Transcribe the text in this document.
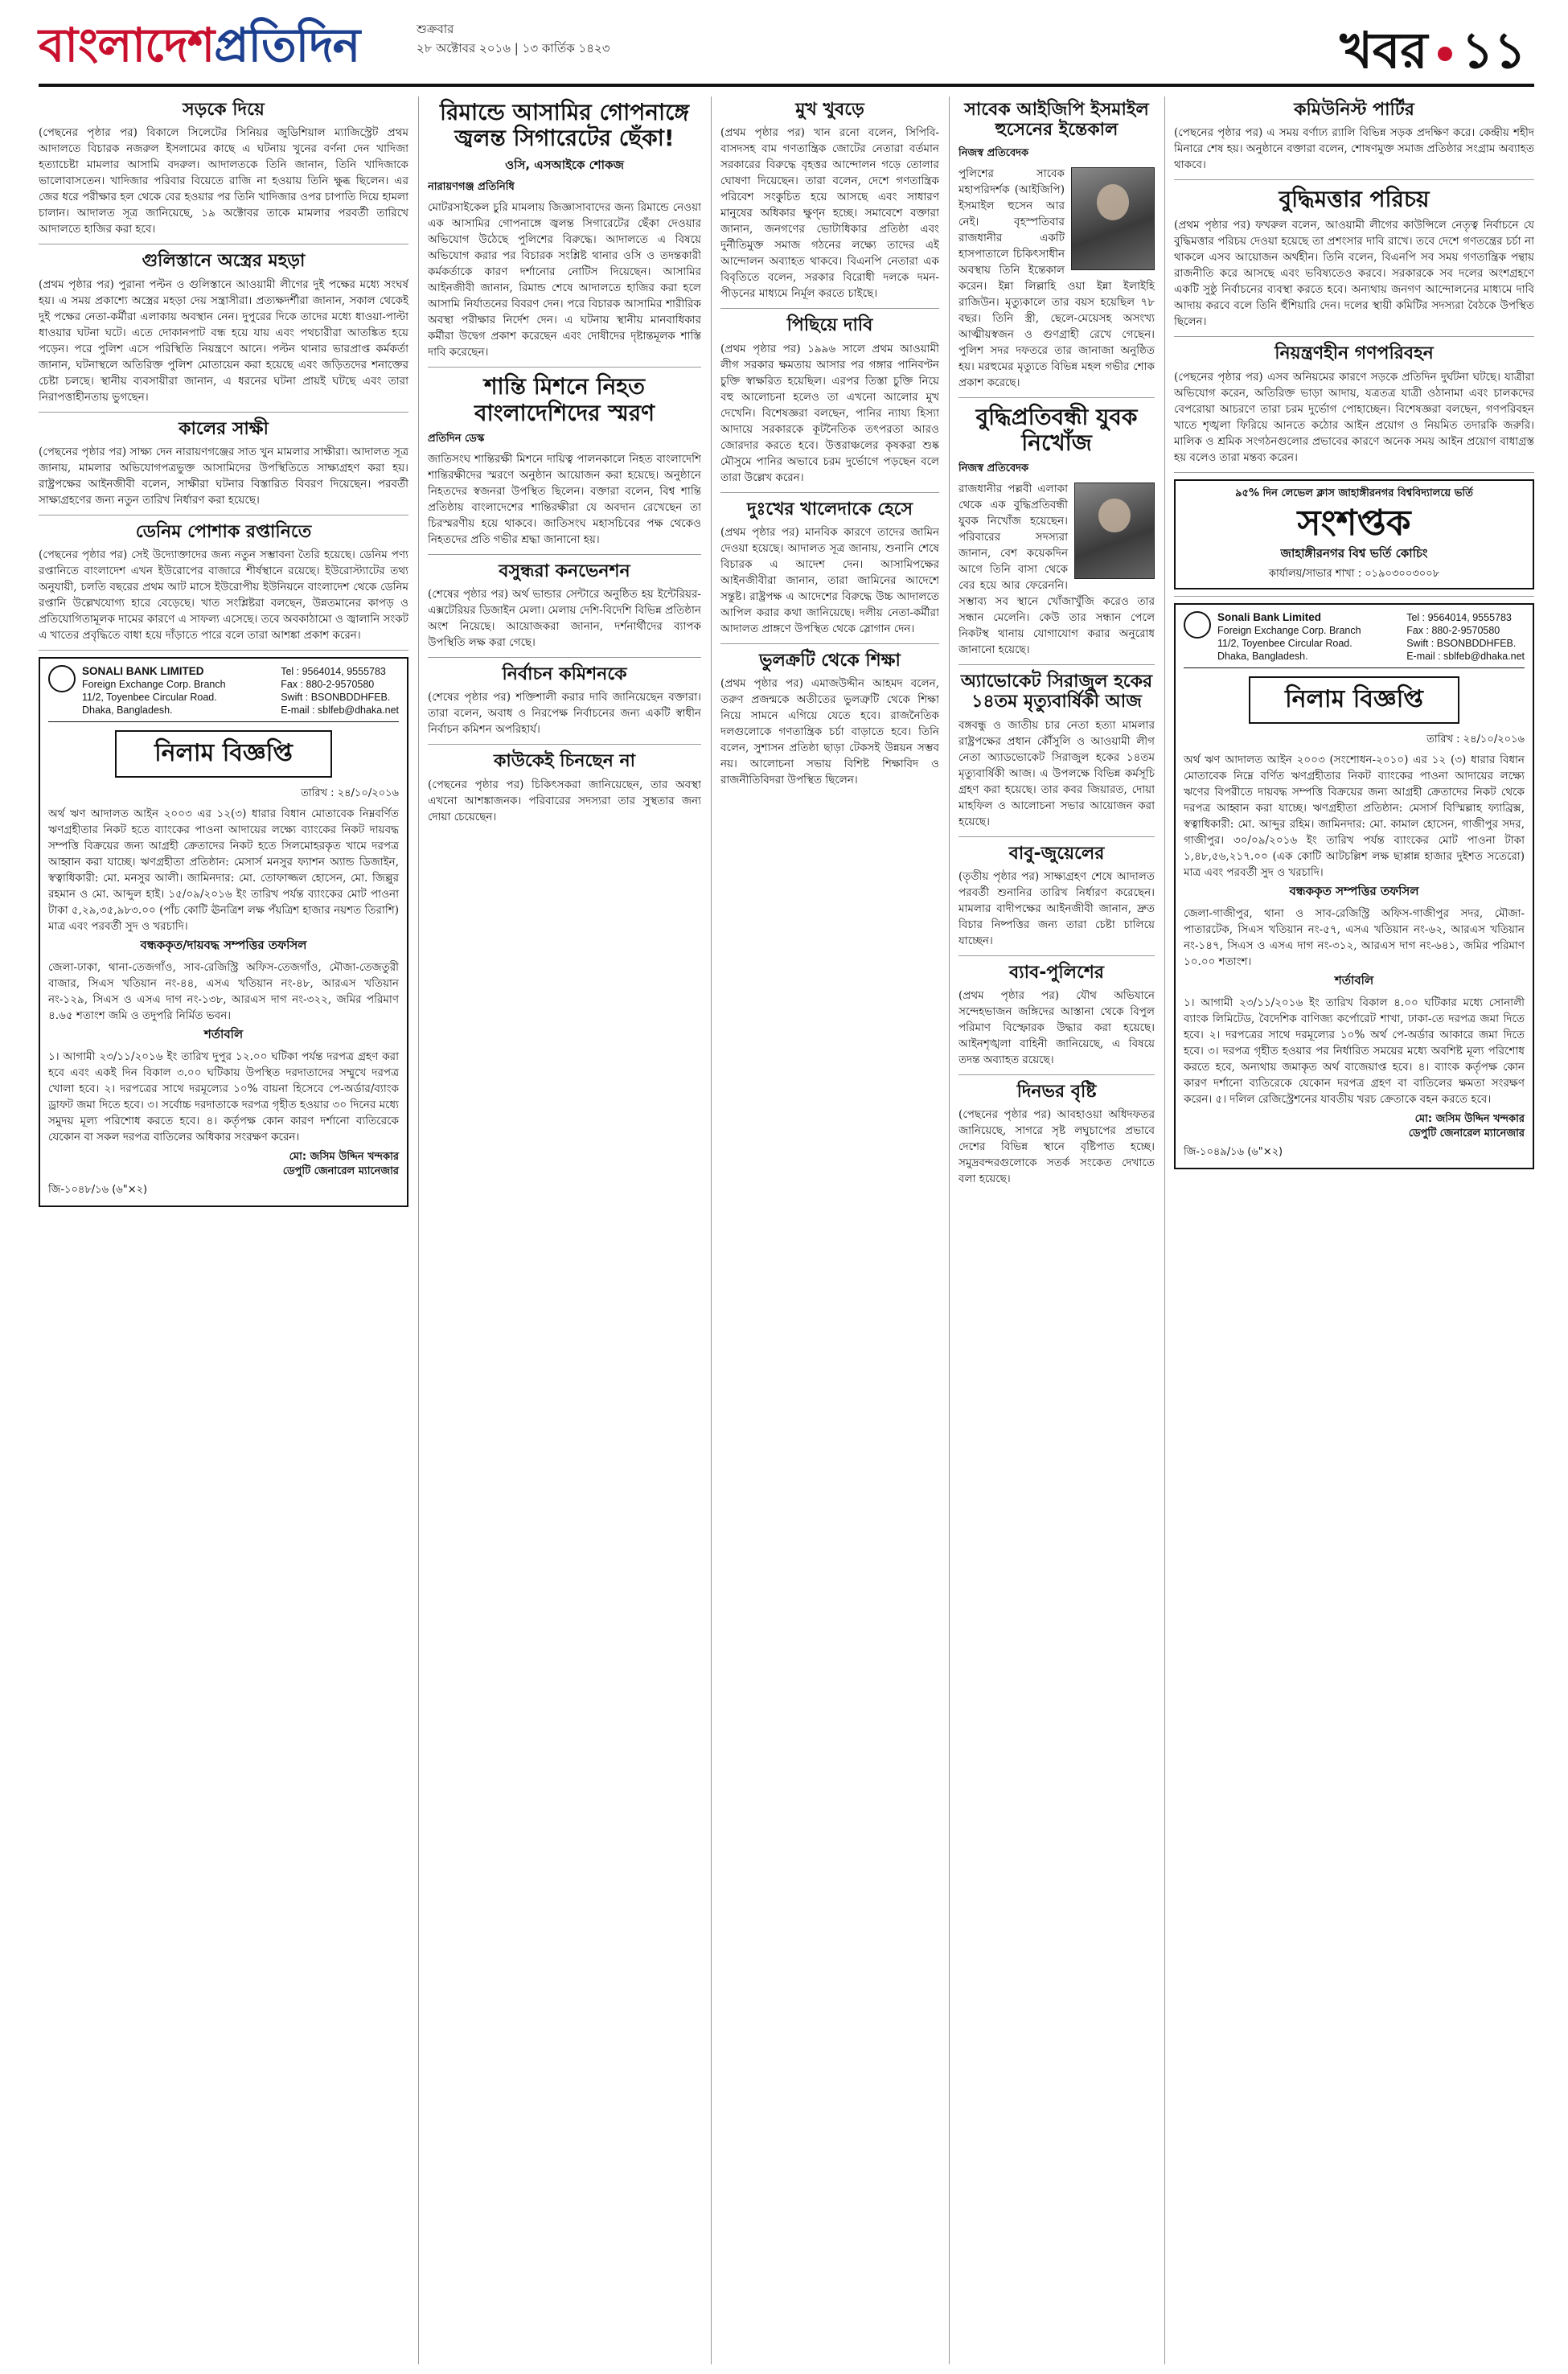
বাংলাদেশপ্রতিদিন	শুক্রবার
২৮ অক্টোবর ২০১৬ | ১৩ কার্তিক ১৪২৩	খবর ১১
সড়কে দিয়ে
(পেছনের পৃষ্ঠার পর) বিকালে সিলেটের সিনিয়র জুডিশিয়াল ম্যাজিস্ট্রেট প্রথম আদালতে বিচারক নজরুল ইসলামের কাছে এ ঘটনায় খুনের বর্ণনা দেন খাদিজা হত্যাচেষ্টা মামলার আসামি বদরুল। আদালতকে তিনি জানান, তিনি খাদিজাকে ভালোবাসতেন। খাদিজার পরিবার বিয়েতে রাজি না হওয়ায় তিনি ক্ষুব্ধ ছিলেন। এর জের ধরে পরীক্ষার হল থেকে বের হওয়ার পর তিনি খাদিজার ওপর চাপাতি দিয়ে হামলা চালান। আদালত সূত্র জানিয়েছে, ১৯ অক্টোবর তাকে মামলার পরবর্তী তারিখে আদালতে হাজির করা হবে।
গুলিস্তানে অস্ত্রের মহড়া
(প্রথম পৃষ্ঠার পর) পুরানা পল্টন ও গুলিস্তানে আওয়ামী লীগের দুই পক্ষের মধ্যে সংঘর্ষ হয়। এ সময় প্রকাশ্যে অস্ত্রের মহড়া দেয় সন্ত্রাসীরা। প্রত্যক্ষদর্শীরা জানান, সকাল থেকেই দুই পক্ষের নেতা-কর্মীরা এলাকায় অবস্থান নেন। দুপুরের দিকে তাদের মধ্যে ধাওয়া-পাল্টা ধাওয়ার ঘটনা ঘটে। এতে দোকানপাট বন্ধ হয়ে যায় এবং পথচারীরা আতঙ্কিত হয়ে পড়েন। পরে পুলিশ এসে পরিস্থিতি নিয়ন্ত্রণে আনে। পল্টন থানার ভারপ্রাপ্ত কর্মকর্তা জানান, ঘটনাস্থলে অতিরিক্ত পুলিশ মোতায়েন করা হয়েছে এবং জড়িতদের শনাক্তের চেষ্টা চলছে। স্থানীয় ব্যবসায়ীরা জানান, এ ধরনের ঘটনা প্রায়ই ঘটছে এবং তারা নিরাপত্তাহীনতায় ভুগছেন।
কালের সাক্ষী
(পেছনের পৃষ্ঠার পর) সাক্ষ্য দেন নারায়ণগঞ্জের সাত খুন মামলার সাক্ষীরা। আদালত সূত্র জানায়, মামলার অভিযোগপত্রভুক্ত আসামিদের উপস্থিতিতে সাক্ষ্যগ্রহণ করা হয়। রাষ্ট্রপক্ষের আইনজীবী বলেন, সাক্ষীরা ঘটনার বিস্তারিত বিবরণ দিয়েছেন। পরবর্তী সাক্ষ্যগ্রহণের জন্য নতুন তারিখ নির্ধারণ করা হয়েছে।
ডেনিম পোশাক রপ্তানিতে
(পেছনের পৃষ্ঠার পর) সেই উদ্যোক্তাদের জন্য নতুন সম্ভাবনা তৈরি হয়েছে। ডেনিম পণ্য রপ্তানিতে বাংলাদেশ এখন ইউরোপের বাজারে শীর্ষস্থানে রয়েছে। ইউরোস্ট্যাটের তথ্য অনুযায়ী, চলতি বছরের প্রথম আট মাসে ইউরোপীয় ইউনিয়নে বাংলাদেশ থেকে ডেনিম রপ্তানি উল্লেখযোগ্য হারে বেড়েছে। খাত সংশ্লিষ্টরা বলছেন, উন্নতমানের কাপড় ও প্রতিযোগিতামূলক দামের কারণে এ সাফল্য এসেছে। তবে অবকাঠামো ও জ্বালানি সংকট এ খাতের প্রবৃদ্ধিতে বাধা হয়ে দাঁড়াতে পারে বলে তারা আশঙ্কা প্রকাশ করেন।
SONALI BANK LIMITED
Foreign Exchange Corp. Branch
11/2, Toyenbee Circular Road.
Dhaka, Bangladesh.
Tel : 9564014, 9555783
Fax : 880-2-9570580
Swift : BSONBDDHFEB.
E-mail : sblfeb@dhaka.net
নিলাম বিজ্ঞপ্তি
তারিখ : ২৪/১০/২০১৬
অর্থ ঋণ আদালত আইন ২০০৩ এর ১২(৩) ধারার বিধান মোতাবেক নিম্নবর্ণিত ঋণগ্রহীতার নিকট হতে ব্যাংকের পাওনা আদায়ের লক্ষ্যে ব্যাংকের নিকট দায়বদ্ধ সম্পত্তি বিক্রয়ের জন্য আগ্রহী ক্রেতাদের নিকট হতে সিলমোহরকৃত খামে দরপত্র আহ্বান করা যাচ্ছে। ঋণগ্রহীতা প্রতিষ্ঠান: মেসার্স মনসুর ফ্যাশন অ্যান্ড ডিজাইন, স্বত্বাধিকারী: মো. মনসুর আলী। জামিনদার: মো. তোফাজ্জল হোসেন, মো. জিল্লুর রহমান ও মো. আব্দুল হাই। ১৫/০৯/২০১৬ ইং তারিখ পর্যন্ত ব্যাংকের মোট পাওনা টাকা ৫,২৯,৩৫,৯৮৩.০০ (পাঁচ কোটি ঊনত্রিশ লক্ষ পঁয়ত্রিশ হাজার নয়শত তিরাশি) মাত্র এবং পরবর্তী সুদ ও খরচাদি।
বন্ধককৃত/দায়বদ্ধ সম্পত্তির তফসিল
জেলা-ঢাকা, থানা-তেজগাঁও, সাব-রেজিস্ট্রি অফিস-তেজগাঁও, মৌজা-তেজতুরী বাজার, সিএস খতিয়ান নং-৪৪, এসএ খতিয়ান নং-৪৮, আরএস খতিয়ান নং-১২৯, সিএস ও এসএ দাগ নং-১৩৮, আরএস দাগ নং-৩২২, জমির পরিমাণ ৪.৬৫ শতাংশ জমি ও তদুপরি নির্মিত ভবন।
শর্তাবলি
১। আগামী ২৩/১১/২০১৬ ইং তারিখ দুপুর ১২.০০ ঘটিকা পর্যন্ত দরপত্র গ্রহণ করা হবে এবং একই দিন বিকাল ৩.০০ ঘটিকায় উপস্থিত দরদাতাদের সম্মুখে দরপত্র খোলা হবে। ২। দরপত্রের সাথে দরমূল্যের ১০% বায়না হিসেবে পে-অর্ডার/ব্যাংক ড্রাফট জমা দিতে হবে। ৩। সর্বোচ্চ দরদাতাকে দরপত্র গৃহীত হওয়ার ৩০ দিনের মধ্যে সমুদয় মূল্য পরিশোধ করতে হবে। ৪। কর্তৃপক্ষ কোন কারণ দর্শানো ব্যতিরেকে যেকোন বা সকল দরপত্র বাতিলের অধিকার সংরক্ষণ করেন।
মো: জসিম উদ্দিন খন্দকার
ডেপুটি জেনারেল ম্যানেজার
জি-১০৪৮/১৬ (৬"×২)
রিমান্ডে আসামির গোপনাঙ্গে জ্বলন্ত সিগারেটের ছেঁকা!
ওসি, এসআইকে শোকজ
নারায়ণগঞ্জ প্রতিনিধি
মোটরসাইকেল চুরি মামলায় জিজ্ঞাসাবাদের জন্য রিমান্ডে নেওয়া এক আসামির গোপনাঙ্গে জ্বলন্ত সিগারেটের ছেঁকা দেওয়ার অভিযোগ উঠেছে পুলিশের বিরুদ্ধে। আদালতে এ বিষয়ে অভিযোগ করার পর বিচারক সংশ্লিষ্ট থানার ওসি ও তদন্তকারী কর্মকর্তাকে কারণ দর্শানোর নোটিস দিয়েছেন। আসামির আইনজীবী জানান, রিমান্ড শেষে আদালতে হাজির করা হলে আসামি নির্যাতনের বিবরণ দেন। পরে বিচারক আসামির শারীরিক অবস্থা পরীক্ষার নির্দেশ দেন। এ ঘটনায় স্থানীয় মানবাধিকার কর্মীরা উদ্বেগ প্রকাশ করেছেন এবং দোষীদের দৃষ্টান্তমূলক শাস্তি দাবি করেছেন।
শান্তি মিশনে নিহত বাংলাদেশিদের স্মরণ
প্রতিদিন ডেস্ক
জাতিসংঘ শান্তিরক্ষী মিশনে দায়িত্ব পালনকালে নিহত বাংলাদেশি শান্তিরক্ষীদের স্মরণে অনুষ্ঠান আয়োজন করা হয়েছে। অনুষ্ঠানে নিহতদের স্বজনরা উপস্থিত ছিলেন। বক্তারা বলেন, বিশ্ব শান্তি প্রতিষ্ঠায় বাংলাদেশের শান্তিরক্ষীরা যে অবদান রেখেছেন তা চিরস্মরণীয় হয়ে থাকবে। জাতিসংঘ মহাসচিবের পক্ষ থেকেও নিহতদের প্রতি গভীর শ্রদ্ধা জানানো হয়।
বসুন্ধরা কনভেনশন
(শেষের পৃষ্ঠার পর) অর্থ ভান্ডার সেন্টারে অনুষ্ঠিত হয় ইন্টেরিয়র-এক্সটেরিয়র ডিজাইন মেলা। মেলায় দেশি-বিদেশি বিভিন্ন প্রতিষ্ঠান অংশ নিয়েছে। আয়োজকরা জানান, দর্শনার্থীদের ব্যাপক উপস্থিতি লক্ষ করা গেছে।
নির্বাচন কমিশনকে
(শেষের পৃষ্ঠার পর) শক্তিশালী করার দাবি জানিয়েছেন বক্তারা। তারা বলেন, অবাধ ও নিরপেক্ষ নির্বাচনের জন্য একটি স্বাধীন নির্বাচন কমিশন অপরিহার্য।
কাউকেই চিনছেন না
(পেছনের পৃষ্ঠার পর) চিকিৎসকরা জানিয়েছেন, তার অবস্থা এখনো আশঙ্কাজনক। পরিবারের সদস্যরা তার সুস্থতার জন্য দোয়া চেয়েছেন।
মুখ খুবড়ে
(প্রথম পৃষ্ঠার পর) খান রনো বলেন, সিপিবি-বাসদসহ বাম গণতান্ত্রিক জোটের নেতারা বর্তমান সরকারের বিরুদ্ধে বৃহত্তর আন্দোলন গড়ে তোলার ঘোষণা দিয়েছেন। তারা বলেন, দেশে গণতান্ত্রিক পরিবেশ সংকুচিত হয়ে আসছে এবং সাধারণ মানুষের অধিকার ক্ষুণ্ন হচ্ছে। সমাবেশে বক্তারা জানান, জনগণের ভোটাধিকার প্রতিষ্ঠা এবং দুর্নীতিমুক্ত সমাজ গঠনের লক্ষ্যে তাদের এই আন্দোলন অব্যাহত থাকবে। বিএনপি নেতারা এক বিবৃতিতে বলেন, সরকার বিরোধী দলকে দমন-পীড়নের মাধ্যমে নির্মূল করতে চাইছে।
পিছিয়ে দাবি
(প্রথম পৃষ্ঠার পর) ১৯৯৬ সালে প্রথম আওয়ামী লীগ সরকার ক্ষমতায় আসার পর গঙ্গার পানিবণ্টন চুক্তি স্বাক্ষরিত হয়েছিল। এরপর তিস্তা চুক্তি নিয়ে বহু আলোচনা হলেও তা এখনো আলোর মুখ দেখেনি। বিশেষজ্ঞরা বলছেন, পানির ন্যায্য হিস্যা আদায়ে সরকারকে কূটনৈতিক তৎপরতা আরও জোরদার করতে হবে। উত্তরাঞ্চলের কৃষকরা শুষ্ক মৌসুমে পানির অভাবে চরম দুর্ভোগে পড়ছেন বলে তারা উল্লেখ করেন।
দুঃখের খালেদাকে হেসে
(প্রথম পৃষ্ঠার পর) মানবিক কারণে তাদের জামিন দেওয়া হয়েছে। আদালত সূত্র জানায়, শুনানি শেষে বিচারক এ আদেশ দেন। আসামিপক্ষের আইনজীবীরা জানান, তারা জামিনের আদেশে সন্তুষ্ট। রাষ্ট্রপক্ষ এ আদেশের বিরুদ্ধে উচ্চ আদালতে আপিল করার কথা জানিয়েছে। দলীয় নেতা-কর্মীরা আদালত প্রাঙ্গণে উপস্থিত থেকে স্লোগান দেন।
ভুলক্রটি থেকে শিক্ষা
(প্রথম পৃষ্ঠার পর) এমাজউদ্দীন আহমদ বলেন, তরুণ প্রজন্মকে অতীতের ভুলত্রুটি থেকে শিক্ষা নিয়ে সামনে এগিয়ে যেতে হবে। রাজনৈতিক দলগুলোকে গণতান্ত্রিক চর্চা বাড়াতে হবে। তিনি বলেন, সুশাসন প্রতিষ্ঠা ছাড়া টেকসই উন্নয়ন সম্ভব নয়। আলোচনা সভায় বিশিষ্ট শিক্ষাবিদ ও রাজনীতিবিদরা উপস্থিত ছিলেন।
সাবেক আইজিপি ইসমাইল হুসেনের ইন্তেকাল
নিজস্ব প্রতিবেদক
পুলিশের সাবেক মহাপরিদর্শক (আইজিপি) ইসমাইল হুসেন আর নেই। বৃহস্পতিবার রাজধানীর একটি হাসপাতালে চিকিৎসাধীন অবস্থায় তিনি ইন্তেকাল করেন। ইন্না লিল্লাহি ওয়া ইন্না ইলাইহি রাজিউন। মৃত্যুকালে তার বয়স হয়েছিল ৭৮ বছর। তিনি স্ত্রী, ছেলে-মেয়েসহ অসংখ্য আত্মীয়স্বজন ও গুণগ্রাহী রেখে গেছেন। পুলিশ সদর দফতরে তার জানাজা অনুষ্ঠিত হয়। মরহুমের মৃত্যুতে বিভিন্ন মহল গভীর শোক প্রকাশ করেছে।
বুদ্ধিপ্রতিবন্ধী যুবক নিখোঁজ
নিজস্ব প্রতিবেদক
রাজধানীর পল্লবী এলাকা থেকে এক বুদ্ধিপ্রতিবন্ধী যুবক নিখোঁজ হয়েছেন। পরিবারের সদস্যরা জানান, বেশ কয়েকদিন আগে তিনি বাসা থেকে বের হয়ে আর ফেরেননি। সম্ভাব্য সব স্থানে খোঁজাখুঁজি করেও তার সন্ধান মেলেনি। কেউ তার সন্ধান পেলে নিকটস্থ থানায় যোগাযোগ করার অনুরোধ জানানো হয়েছে।
অ্যাভোকেট সিরাজুল হকের ১৪তম মৃত্যুবার্ষিকী আজ
বঙ্গবন্ধু ও জাতীয় চার নেতা হত্যা মামলার রাষ্ট্রপক্ষের প্রধান কৌঁসুলি ও আওয়ামী লীগ নেতা অ্যাডভোকেট সিরাজুল হকের ১৪তম মৃত্যুবার্ষিকী আজ। এ উপলক্ষে বিভিন্ন কর্মসূচি গ্রহণ করা হয়েছে। তার কবর জিয়ারত, দোয়া মাহফিল ও আলোচনা সভার আয়োজন করা হয়েছে।
বাবু-জুয়েলের
(তৃতীয় পৃষ্ঠার পর) সাক্ষ্যগ্রহণ শেষে আদালত পরবর্তী শুনানির তারিখ নির্ধারণ করেছেন। মামলার বাদীপক্ষের আইনজীবী জানান, দ্রুত বিচার নিষ্পত্তির জন্য তারা চেষ্টা চালিয়ে যাচ্ছেন।
ব্যাব-পুলিশের
(প্রথম পৃষ্ঠার পর) যৌথ অভিযানে সন্দেহভাজন জঙ্গিদের আস্তানা থেকে বিপুল পরিমাণ বিস্ফোরক উদ্ধার করা হয়েছে। আইনশৃঙ্খলা বাহিনী জানিয়েছে, এ বিষয়ে তদন্ত অব্যাহত রয়েছে।
দিনভর বৃষ্টি
(পেছনের পৃষ্ঠার পর) আবহাওয়া অধিদফতর জানিয়েছে, সাগরে সৃষ্ট লঘুচাপের প্রভাবে দেশের বিভিন্ন স্থানে বৃষ্টিপাত হচ্ছে। সমুদ্রবন্দরগুলোকে সতর্ক সংকেত দেখাতে বলা হয়েছে।
কমিউনিস্ট পার্টির
(পেছনের পৃষ্ঠার পর) এ সময় বর্ণাঢ্য র‍্যালি বিভিন্ন সড়ক প্রদক্ষিণ করে। কেন্দ্রীয় শহীদ মিনারে শেষ হয়। অনুষ্ঠানে বক্তারা বলেন, শোষণমুক্ত সমাজ প্রতিষ্ঠার সংগ্রাম অব্যাহত থাকবে।
বুদ্ধিমত্তার পরিচয়
(প্রথম পৃষ্ঠার পর) ফখরুল বলেন, আওয়ামী লীগের কাউন্সিলে নেতৃত্ব নির্বাচনে যে বুদ্ধিমত্তার পরিচয় দেওয়া হয়েছে তা প্রশংসার দাবি রাখে। তবে দেশে গণতন্ত্রের চর্চা না থাকলে এসব আয়োজন অর্থহীন। তিনি বলেন, বিএনপি সব সময় গণতান্ত্রিক পন্থায় রাজনীতি করে আসছে এবং ভবিষ্যতেও করবে। সরকারকে সব দলের অংশগ্রহণে একটি সুষ্ঠু নির্বাচনের ব্যবস্থা করতে হবে। অন্যথায় জনগণ আন্দোলনের মাধ্যমে দাবি আদায় করবে বলে তিনি হুঁশিয়ারি দেন। দলের স্থায়ী কমিটির সদস্যরা বৈঠকে উপস্থিত ছিলেন।
নিয়ন্ত্রণহীন গণপরিবহন
(পেছনের পৃষ্ঠার পর) এসব অনিয়মের কারণে সড়কে প্রতিদিন দুর্ঘটনা ঘটছে। যাত্রীরা অভিযোগ করেন, অতিরিক্ত ভাড়া আদায়, যত্রতত্র যাত্রী ওঠানামা এবং চালকদের বেপরোয়া আচরণে তারা চরম দুর্ভোগ পোহাচ্ছেন। বিশেষজ্ঞরা বলছেন, গণপরিবহন খাতে শৃঙ্খলা ফিরিয়ে আনতে কঠোর আইন প্রয়োগ ও নিয়মিত তদারকি জরুরি। মালিক ও শ্রমিক সংগঠনগুলোর প্রভাবের কারণে অনেক সময় আইন প্রয়োগ বাধাগ্রস্ত হয় বলেও তারা মন্তব্য করেন।
৯৫% দিন লেভেল ক্লাস জাহাঙ্গীরনগর বিশ্ববিদ্যালয়ে ভর্তি
সংশপ্তক
জাহাঙ্গীরনগর বিশ্ব ভর্তি কোচিং
কার্যালয়/সাভার শাখা : ০১৯০৩০০৩০০৮
Sonali Bank Limited
Foreign Exchange Corp. Branch
11/2, Toyenbee Circular Road.
Dhaka, Bangladesh.
Tel : 9564014, 9555783
Fax : 880-2-9570580
Swift : BSONBDDHFEB.
E-mail : sblfeb@dhaka.net
নিলাম বিজ্ঞপ্তি
তারিখ : ২৪/১০/২০১৬
অর্থ ঋণ আদালত আইন ২০০৩ (সংশোধন-২০১০) এর ১২ (৩) ধারার বিধান মোতাবেক নিম্নে বর্ণিত ঋণগ্রহীতার নিকট ব্যাংকের পাওনা আদায়ের লক্ষ্যে ঋণের বিপরীতে দায়বদ্ধ সম্পত্তি বিক্রয়ের জন্য আগ্রহী ক্রেতাদের নিকট থেকে দরপত্র আহ্বান করা যাচ্ছে। ঋণগ্রহীতা প্রতিষ্ঠান: মেসার্স বিস্মিল্লাহ ফ্যাব্রিক্স, স্বত্বাধিকারী: মো. আব্দুর রহিম। জামিনদার: মো. কামাল হোসেন, গাজীপুর সদর, গাজীপুর। ৩০/০৯/২০১৬ ইং তারিখ পর্যন্ত ব্যাংকের মোট পাওনা টাকা ১,৪৮,৫৬,২১৭.০০ (এক কোটি আটচল্লিশ লক্ষ ছাপ্পান্ন হাজার দুইশত সতেরো) মাত্র এবং পরবর্তী সুদ ও খরচাদি।
বন্ধককৃত সম্পত্তির তফসিল
জেলা-গাজীপুর, থানা ও সাব-রেজিস্ট্রি অফিস-গাজীপুর সদর, মৌজা-পাতারটেক, সিএস খতিয়ান নং-৫৭, এসএ খতিয়ান নং-৬২, আরএস খতিয়ান নং-১৪৭, সিএস ও এসএ দাগ নং-৩১২, আরএস দাগ নং-৬৪১, জমির পরিমাণ ১০.০০ শতাংশ।
শর্তাবলি
১। আগামী ২৩/১১/২০১৬ ইং তারিখ বিকাল ৪.০০ ঘটিকার মধ্যে সোনালী ব্যাংক লিমিটেড, বৈদেশিক বাণিজ্য কর্পোরেট শাখা, ঢাকা-তে দরপত্র জমা দিতে হবে। ২। দরপত্রের সাথে দরমূল্যের ১০% অর্থ পে-অর্ডার আকারে জমা দিতে হবে। ৩। দরপত্র গৃহীত হওয়ার পর নির্ধারিত সময়ের মধ্যে অবশিষ্ট মূল্য পরিশোধ করতে হবে, অন্যথায় জমাকৃত অর্থ বাজেয়াপ্ত হবে। ৪। ব্যাংক কর্তৃপক্ষ কোন কারণ দর্শানো ব্যতিরেকে যেকোন দরপত্র গ্রহণ বা বাতিলের ক্ষমতা সংরক্ষণ করেন। ৫। দলিল রেজিস্ট্রেশনের যাবতীয় খরচ ক্রেতাকে বহন করতে হবে।
মো: জসিম উদ্দিন খন্দকার
ডেপুটি জেনারেল ম্যানেজার
জি-১০৪৯/১৬ (৬"×২)
